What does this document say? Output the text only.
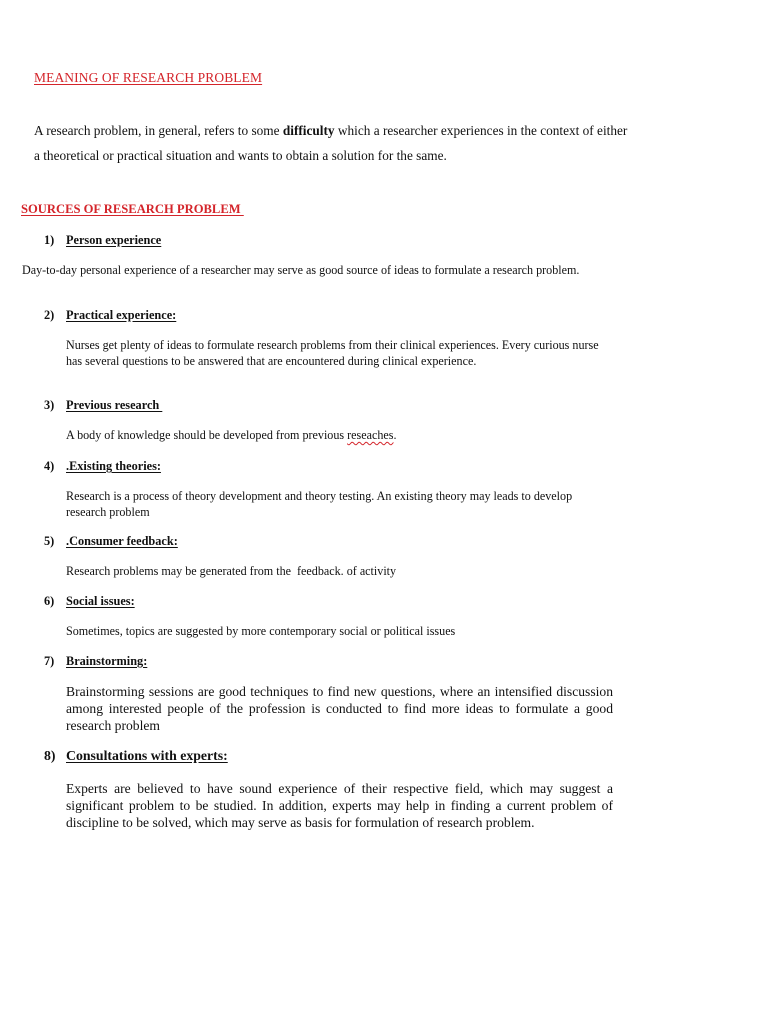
MEANING OF RESEARCH PROBLEM
A research problem, in general, refers to some difficulty which a researcher experiences in the context of either a theoretical or practical situation and wants to obtain a solution for the same.
SOURCES OF RESEARCH PROBLEM
1) Person experience
Day-to-day personal experience of a researcher may serve as good source of ideas to formulate a research problem.
2) Practical experience:
Nurses get plenty of ideas to formulate research problems from their clinical experiences. Every curious nurse has several questions to be answered that are encountered during clinical experience.
3) Previous research
A body of knowledge should be developed from previous reseaches.
4) .Existing theories:
Research is a process of theory development and theory testing. An existing theory may leads to develop research problem
5) .Consumer feedback:
Research problems may be generated from the  feedback. of activity
6) Social issues:
Sometimes, topics are suggested by more contemporary social or political issues
7) Brainstorming:
Brainstorming sessions are good techniques to find new questions, where an intensified discussion among interested people of the profession is conducted to find more ideas to formulate a good research problem
8) Consultations with experts:
Experts are believed to have sound experience of their respective field, which may suggest a significant problem to be studied. In addition, experts may help in finding a current problem of discipline to be solved, which may serve as basis for formulation of research problem.
